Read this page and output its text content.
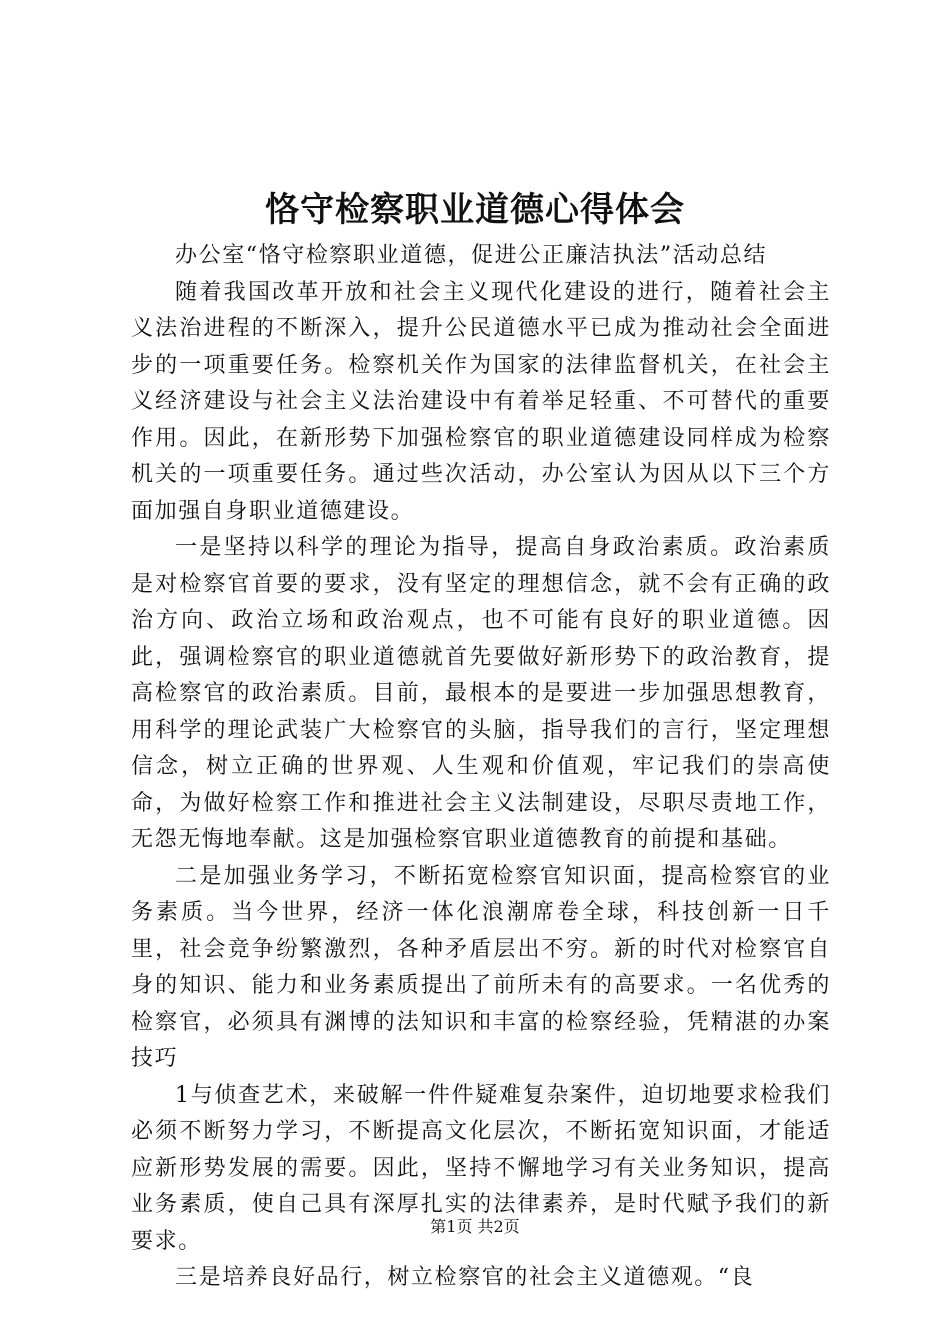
恪守检察职业道德心得体会

办公室“恪守检察职业道德，促进公正廉洁执法”活动总结

随着我国改革开放和社会主义现代化建设的进行，随着社会主义法治进程的不断深入，提升公民道德水平已成为推动社会全面进步的一项重要任务。检察机关作为国家的法律监督机关，在社会主义经济建设与社会主义法治建设中有着举足轻重、不可替代的重要作用。因此，在新形势下加强检察官的职业道德建设同样成为检察机关的一项重要任务。通过些次活动，办公室认为因从以下三个方面加强自身职业道德建设。

一是坚持以科学的理论为指导，提高自身政治素质。政治素质是对检察官首要的要求，没有坚定的理想信念，就不会有正确的政治方向、政治立场和政治观点，也不可能有良好的职业道德。因此，强调检察官的职业道德就首先要做好新形势下的政治教育，提高检察官的政治素质。目前，最根本的是要进一步加强思想教育，用科学的理论武装广大检察官的头脑，指导我们的言行，坚定理想信念，树立正确的世界观、人生观和价值观，牢记我们的崇高使命，为做好检察工作和推进社会主义法制建设，尽职尽责地工作，无怨无悔地奉献。这是加强检察官职业道德教育的前提和基础。

二是加强业务学习，不断拓宽检察官知识面，提高检察官的业务素质。当今世界，经济一体化浪潮席卷全球，科技创新一日千里，社会竞争纷繁激烈，各种矛盾层出不穷。新的时代对检察官自身的知识、能力和业务素质提出了前所未有的高要求。一名优秀的检察官，必须具有渊博的法知识和丰富的检察经验，凭精湛的办案技巧

1与侦查艺术，来破解一件件疑难复杂案件，迫切地要求检我们必须不断努力学习，不断提高文化层次，不断拓宽知识面，才能适应新形势发展的需要。因此，坚持不懈地学习有关业务知识，提高业务素质，使自己具有深厚扎实的法律素养，是时代赋予我们的新要求。

三是培养良好品行，树立检察官的社会主义道德观。“良

第1页 共2页
